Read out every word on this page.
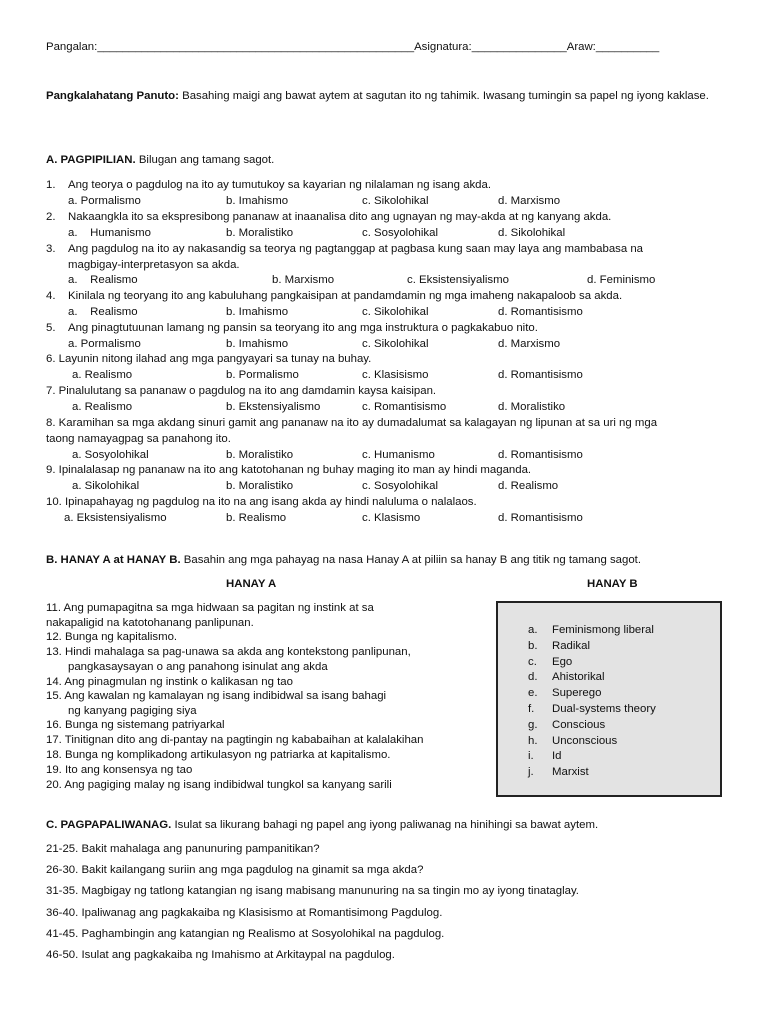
Pangalan:__________________________________________________Asignatura:_______________Araw:__________
Pangkalahatang Panuto: Basahing maigi ang bawat aytem at sagutan ito ng tahimik. Iwasang tumingin sa papel ng iyong kaklase.
A. PAGPIPILIAN. Bilugan ang tamang sagot.
1. Ang teorya o pagdulog na ito ay tumutukoy sa kayarian ng nilalaman ng isang akda.
a. Pormalismo	b. Imahismo	c. Sikolohikal	d. Marxismo
2. Nakaangkla ito sa ekspresibong pananaw at inaanalisa dito ang ugnayan ng may-akda at ng kanyang akda.
a.    Humanismo	b. Moralistiko	c. Sosyolohikal	d. Sikolohikal
3. Ang pagdulog na ito ay nakasandig sa teorya ng pagtanggap at pagbasa kung saan may laya ang mambabasa na
magbigay-interpretasyon sa akda.
a.    Realismo	b. Marxismo	c. Eksistensiyalismo	d. Feminismo
4. Kinilala ng teoryang ito ang kabuluhang pangkaisipan at pandamdamin ng mga imaheng nakapaloob sa akda.
a.    Realismo	b. Imahismo	c. Sikolohikal	d. Romantisismo
5. Ang pinagtutuunan lamang ng pansin sa teoryang ito ang mga instruktura o pagkakabuo nito.
a. Pormalismo	b. Imahismo	c. Sikolohikal	d. Marxismo
6. Layunin nitong ilahad ang mga pangyayari sa tunay na buhay.
a. Realismo	b. Pormalismo	c. Klasisismo	d. Romantisismo
7. Pinalulutang sa pananaw o pagdulog na ito ang damdamin kaysa kaisipan.
a. Realismo	b. Ekstensiyalismo	c. Romantisismo	d. Moralistiko
8. Karamihan sa mga akdang sinuri gamit ang pananaw na ito ay dumadalumat sa kalagayan ng lipunan at sa uri ng mga
taong namayagpag sa panahong ito.
a. Sosyolohikal	b. Moralistiko	c. Humanismo	d. Romantisismo
9. Ipinalalasap ng pananaw na ito ang katotohanan ng buhay maging ito man ay hindi maganda.
a. Sikolohikal	b. Moralistiko	c. Sosyolohikal	d. Realismo
10. Ipinapahayag ng pagdulog na ito na ang isang akda ay hindi naluluma o nalalaos.
a. Eksistensiyalismo	b. Realismo	c. Klasismo	d. Romantisismo
B. HANAY A at HANAY B. Basahin ang mga pahayag na nasa Hanay A at piliin sa hanay B ang titik ng tamang sagot.
HANAY A	HANAY B
11. Ang pumapagitna sa mga hidwaan sa pagitan ng instink at sa
nakapaligid na katotohanang panlipunan.
12. Bunga ng kapitalismo.
13. Hindi mahalaga sa pag-unawa sa akda ang kontekstong panlipunan,
pangkasaysayan o ang panahong isinulat ang akda
14. Ang pinagmulan ng instink o kalikasan ng tao
15. Ang kawalan ng kamalayan ng isang indibidwal sa isang bahagi
ng kanyang pagiging siya
16. Bunga ng sistemang patriyarkal
17. Tinitignan dito ang di-pantay na pagtingin ng kababaihan at kalalakihan
18. Bunga ng komplikadong artikulasyon ng patriarka at kapitalismo.
19. Ito ang konsensya ng tao
20. Ang pagiging malay ng isang indibidwal tungkol sa kanyang sarili
a. Feminismong liberal
b. Radikal
c. Ego
d. Ahistorikal
e. Superego
f. Dual-systems theory
g. Conscious
h. Unconscious
i. Id
j. Marxist
C. PAGPAPALIWANAG. Isulat sa likurang bahagi ng papel ang iyong paliwanag na hinihingi sa bawat aytem.
21-25. Bakit mahalaga ang panunuring pampanitikan?
26-30. Bakit kailangang suriin ang mga pagdulog na ginamit sa mga akda?
31-35. Magbigay ng tatlong katangian ng isang mabisang manunuring na sa tingin mo ay iyong tinataglay.
36-40. Ipaliwanag ang pagkakaiba ng Klasisismo at Romantisimong Pagdulog.
41-45. Paghambingin ang katangian ng Realismo at Sosyolohikal na pagdulog.
46-50. Isulat ang pagkakaiba ng Imahismo at Arkitaypal na pagdulog.
